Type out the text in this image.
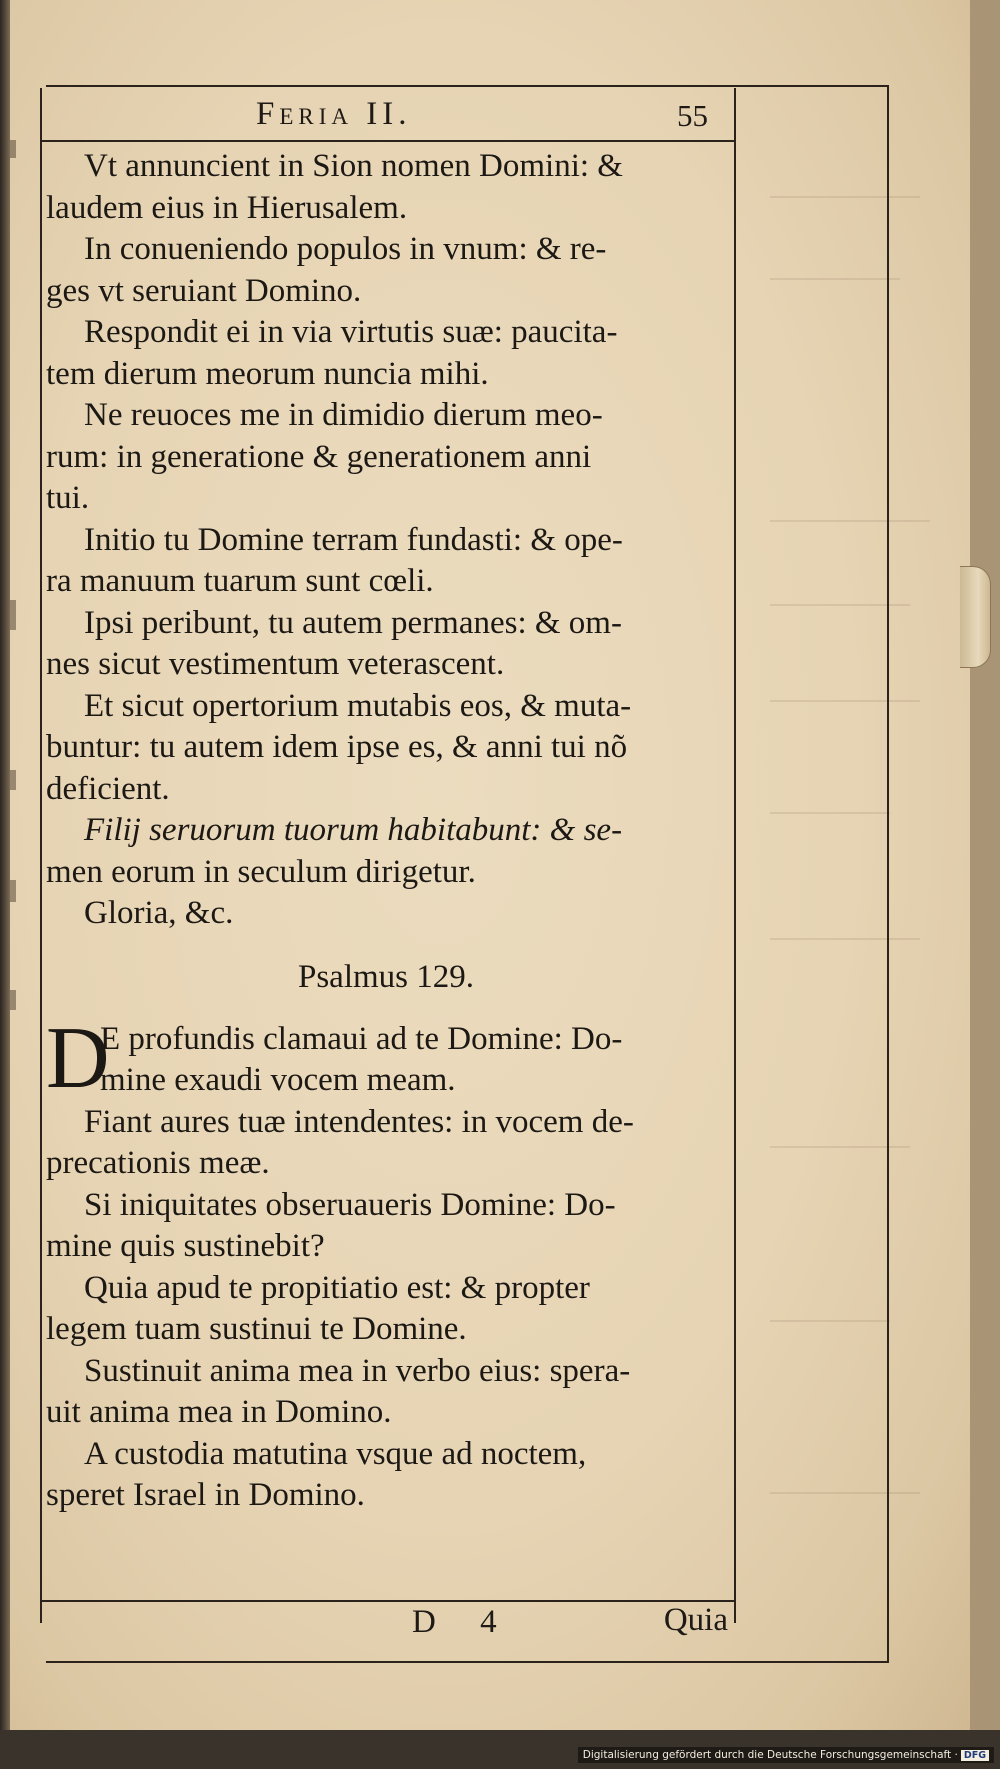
Feria II.	55
Vt annuncient in Sion nomen Domini: &
laudem eius in Hierusalem.
In conueniendo populos in vnum: & re-
ges vt seruiant Domino.
Respondit ei in via virtutis suæ: paucita-
tem dierum meorum nuncia mihi.
Ne reuoces me in dimidio dierum meo-
rum: in generatione & generationem anni
tui.
Initio tu Domine terram fundasti: & ope-
ra manuum tuarum sunt cœli.
Ipsi peribunt, tu autem permanes: & om-
nes sicut vestimentum veterascent.
Et sicut opertorium mutabis eos, & muta-
buntur: tu autem idem ipse es, & anni tui nõ
deficient.
Filij seruorum tuorum habitabunt: & se-
men eorum in seculum dirigetur.
Gloria, &c.
Psalmus 129.
D
E profundis clamaui ad te Domine: Do-
mine exaudi vocem meam.
Fiant aures tuæ intendentes: in vocem de-
precationis meæ.
Si iniquitates obseruaueris Domine: Do-
mine quis sustinebit?
Quia apud te propitiatio est: & propter
legem tuam sustinui te Domine.
Sustinuit anima mea in verbo eius: spera-
uit anima mea in Domino.
A custodia matutina vsque ad noctem,
speret Israel in Domino.
D 4	Quia
Digitalisierung gefördert durch die Deutsche Forschungsgemeinschaft · DFG
